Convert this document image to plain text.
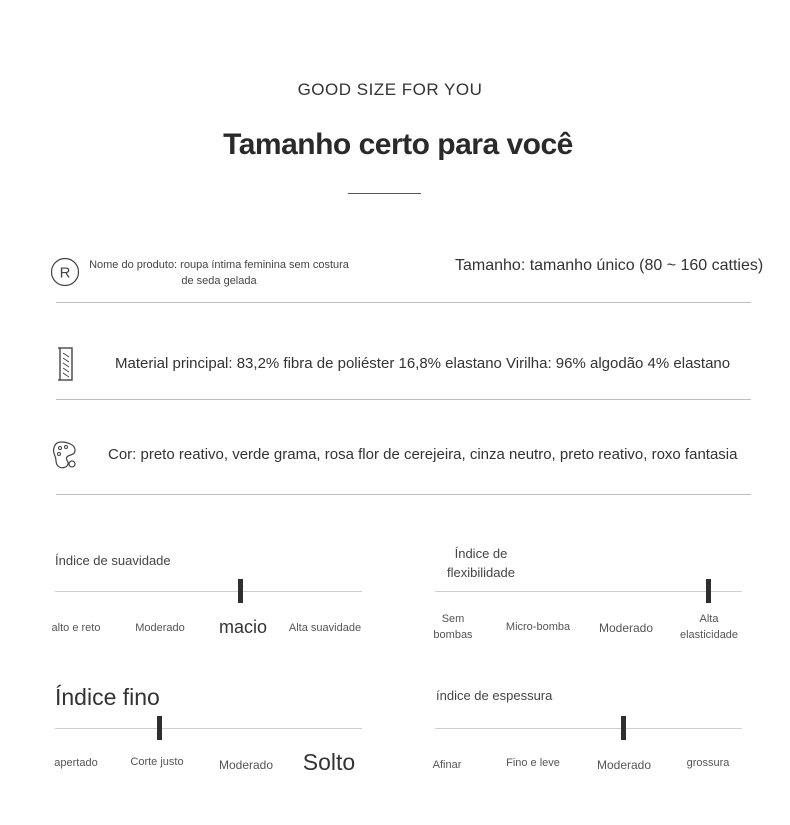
GOOD SIZE FOR YOU
Tamanho certo para você
R Nome do produto: roupa íntima feminina sem costura de seda gelada
Tamanho: tamanho único (80 ~ 160 catties)
Material principal: 83,2% fibra de poliéster 16,8% elastano Virilha: 96% algodão 4% elastano
Cor: preto reativo, verde grama, rosa flor de cerejeira, cinza neutro, preto reativo, roxo fantasia
Índice de suavidade
alto e reto	Moderado	macio	Alta suavidade
Índice de flexibilidade
Sem bombas
Micro-bomba	Moderado
Alta elasticidade
Índice fino
apertado	Corte justo	Moderado	Solto
índice de espessura
Afinar	Fino e leve	Moderado	grossura
